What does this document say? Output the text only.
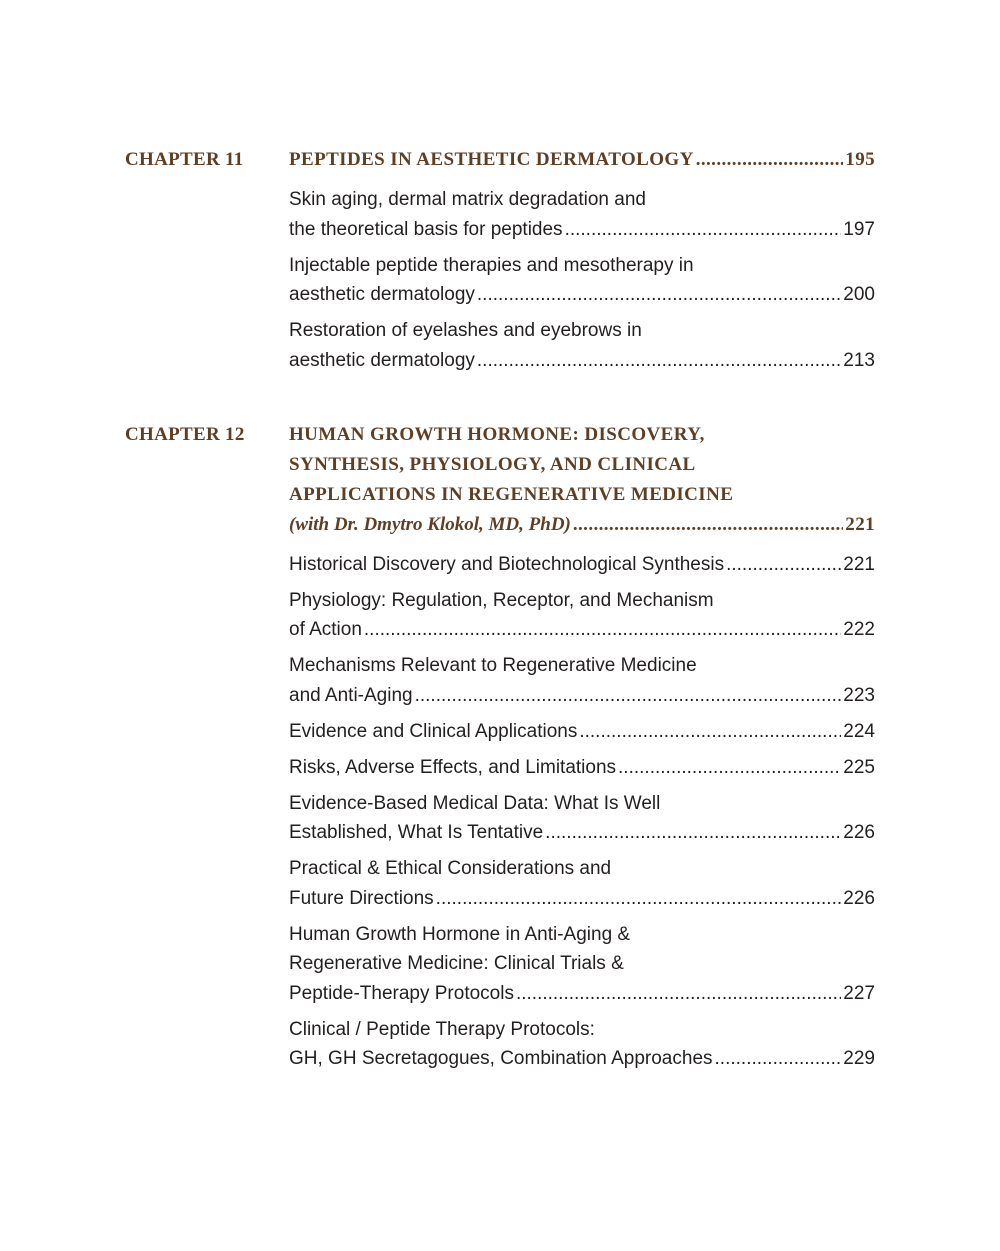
CHAPTER 11	PEPTIDES IN AESTHETIC DERMATOLOGY .....	195
Skin aging, dermal matrix degradation and
the theoretical basis for peptides .....	197
Injectable peptide therapies and mesotherapy in
aesthetic dermatology .....	200
Restoration of eyelashes and eyebrows in
aesthetic dermatology .....	213
CHAPTER 12	HUMAN GROWTH HORMONE: DISCOVERY,
SYNTHESIS, PHYSIOLOGY, AND CLINICAL
APPLICATIONS IN REGENERATIVE MEDICINE
(with Dr. Dmytro Klokol, MD, PhD) .....	221
Historical Discovery and Biotechnological Synthesis .....	221
Physiology: Regulation, Receptor, and Mechanism
of Action .....	222
Mechanisms Relevant to Regenerative Medicine
and Anti-Aging .....	223
Evidence and Clinical Applications .....	224
Risks, Adverse Effects, and Limitations .....	225
Evidence-Based Medical Data: What Is Well
Established, What Is Tentative .....	226
Practical & Ethical Considerations and
Future Directions .....	226
Human Growth Hormone in Anti-Aging &
Regenerative Medicine: Clinical Trials &
Peptide-Therapy Protocols .....	227
Clinical / Peptide Therapy Protocols:
GH, GH Secretagogues, Combination Approaches .....	229
